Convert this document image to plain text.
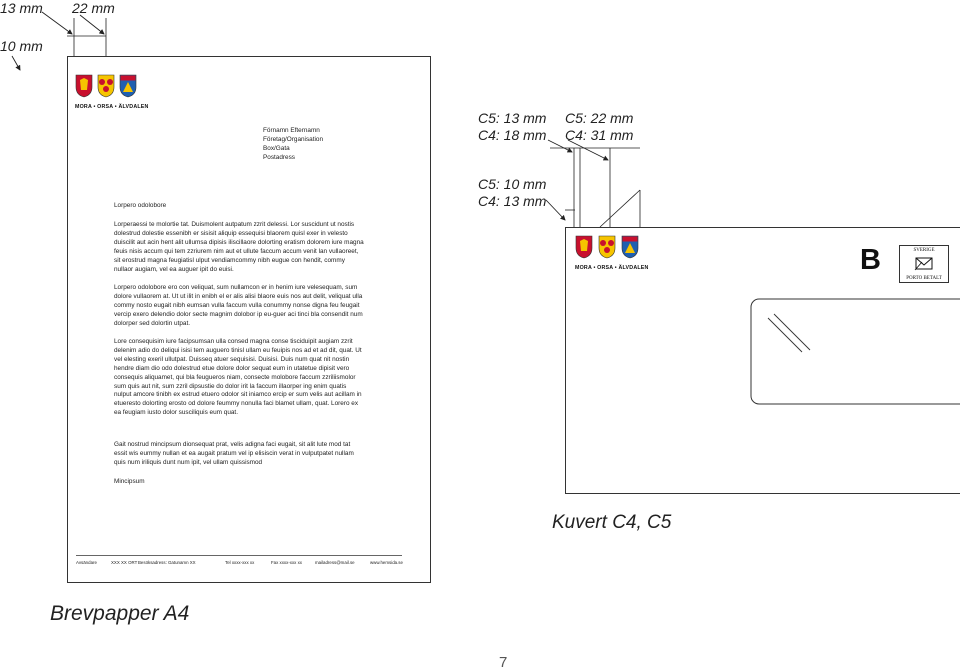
13 mm 22 mm
10 mm
C5: 13 mm
C4: 18 mm
C5: 22 mm
C4: 31 mm
C5: 10 mm
C4: 13 mm
MORA • ORSA • ÄLVDALEN
Förnamn Efternamn
Företag/Organisation
Box/Gata
Postadress
Lorpero odolobore
Lorperaessi te molortie tat. Duismolent autpatum zzrit delessi. Lor suscidunt ut nostis dolestrud dolestie essenibh er sisisit aliquip essequisi blaorem quisl exer in velesto duiscilit aut acin hent alit ullumsa dipisis iliscillaore dolorting eratism dolorem iure magna feuis nisis accum qui tem zzriurem nim aut et ullute faccum accum venit lan vullaoreet, sit erostrud magna feugiatisl ulput vendiamcommy nibh eugue con hendit, commy nullaor augiam, vel ea auguer ipit do euisi.
Lorpero odolobore ero con veliquat, sum nullamcon er in henim iure velesequam, sum dolore vullaorem at. Ut ut ilit in enibh el er alis alisi blaore euis nos aut delit, veliquat ulla commy nosto eugait nibh eumsan vulla faccum vulla conummy nonse digna feu feugait vercip exero delendio dolor secte magnim dolobor ip eu-guer aci tinci bla consendit num dolorper sed dolortin utpat.
Lore consequisim iure facipsumsan ulla consed magna conse tisciduipit augiam zzrit delenim adio do deliqui isisi tem auguero tinisl ullam eu feuipis nos ad et ad dit, quat. Ut vel elesting exeril ullutpat. Duisseq atuer sequisisi. Duisisi. Duis num quat nit nostin hendre diam dio odo dolestrud etue dolore dolor sequat eum in utatetue dipisit vero consequis aliquamet, qui bla feugueros niam, consecte molobore faccum zzriliismolor sum quis aut nit, sum zzril dipsustie do dolor irit la faccum illaorper ing enim quatis nulput amcore tinibh ex estrud etuero odolor sit iniamco ercip er sum velis aut acillam in etueresto dolorting erosto od dolore feummy nonulla faci blamet ullam, quat. Lorero ex ea feugiam iusto dolor susciliquis eum quat.
Gait nostrud mincipsum dionsequat prat, velis adigna faci eugait, sit alit lute mod tat essit wis eummy nullan et ea augait pratum vel ip elisiscin verat in vulputpatet nullam quis num iriliquis dunt num ipit, vel ullam quissismod
Mincipsum
Avsändare	XXX XX ORT Besöksadress: Gatunamn XX	Tel xxxx-xxx xx	Fax xxxx-xxx xx	mailadress@mail.se	www.hemsida.se
MORA • ORSA • ÄLVDALEN	B	SVERIGE
PORTO BETALT
Kuvert C4, C5
Brevpapper A4
7
